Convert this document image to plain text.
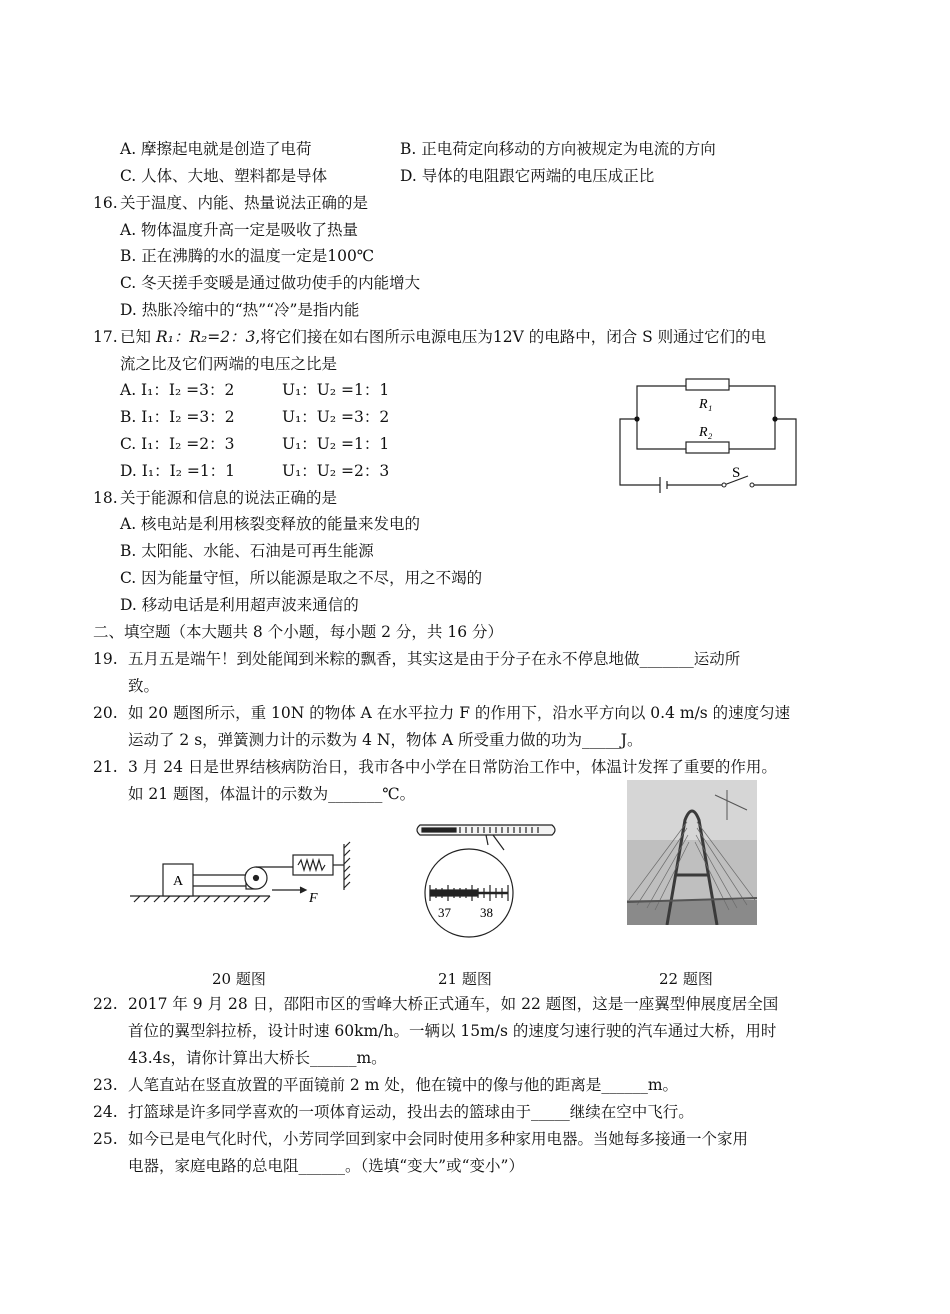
A. 摩擦起电就是创造了电荷	B. 正电荷定向移动的方向被规定为电流的方向
C. 人体、大地、塑料都是导体	D. 导体的电阻跟它两端的电压成正比
16. 关于温度、内能、热量说法正确的是
A. 物体温度升高一定是吸收了热量
B. 正在沸腾的水的温度一定是100℃
C. 冬天搓手变暖是通过做功使手的内能增大
D. 热胀冷缩中的“热”“冷”是指内能
17. 已知 R₁：R₂=2：3,将它们接在如右图所示电源电压为12V 的电路中，闭合 S 则通过它们的电
流之比及它们两端的电压之比是
A. I₁：I₂ =3：2	U₁：U₂ =1：1
B. I₁：I₂ =3：2	U₁：U₂ =3：2
C. I₁：I₂ =2：3	U₁：U₂ =1：1
D. I₁：I₂ =1：1	U₁：U₂ =2：3
R₁
R₂
S
18. 关于能源和信息的说法正确的是
A. 核电站是利用核裂变释放的能量来发电的
B. 太阳能、水能、石油是可再生能源
C. 因为能量守恒，所以能源是取之不尽，用之不竭的
D. 移动电话是利用超声波来通信的
二、填空题（本大题共 8 个小题，每小题 2 分，共 16 分）
19. 五月五是端午！到处能闻到米粽的飘香，其实这是由于分子在永不停息地做_______运动所
致。
20. 如 20 题图所示，重 10N 的物体 A 在水平拉力 F 的作用下，沿水平方向以 0.4 m/s 的速度匀速
运动了 2 s，弹簧测力计的示数为 4 N，物体 A 所受重力做的功为_____J。
21. 3 月 24 日是世界结核病防治日，我市各中小学在日常防治工作中，体温计发挥了重要的作用。
如 21 题图，体温计的示数为_______℃。
A
F
37 38
20 题图	21 题图	22 题图
22. 2017 年 9 月 28 日，邵阳市区的雪峰大桥正式通车，如 22 题图，这是一座翼型伸展度居全国
首位的翼型斜拉桥，设计时速 60km/h。一辆以 15m/s 的速度匀速行驶的汽车通过大桥，用时
43.4s，请你计算出大桥长______m。
23. 人笔直站在竖直放置的平面镜前 2 m 处，他在镜中的像与他的距离是______m。
24. 打篮球是许多同学喜欢的一项体育运动，投出去的篮球由于_____继续在空中飞行。
25. 如今已是电气化时代，小芳同学回到家中会同时使用多种家用电器。当她每多接通一个家用
电器，家庭电路的总电阻______。（选填“变大”或“变小”）
